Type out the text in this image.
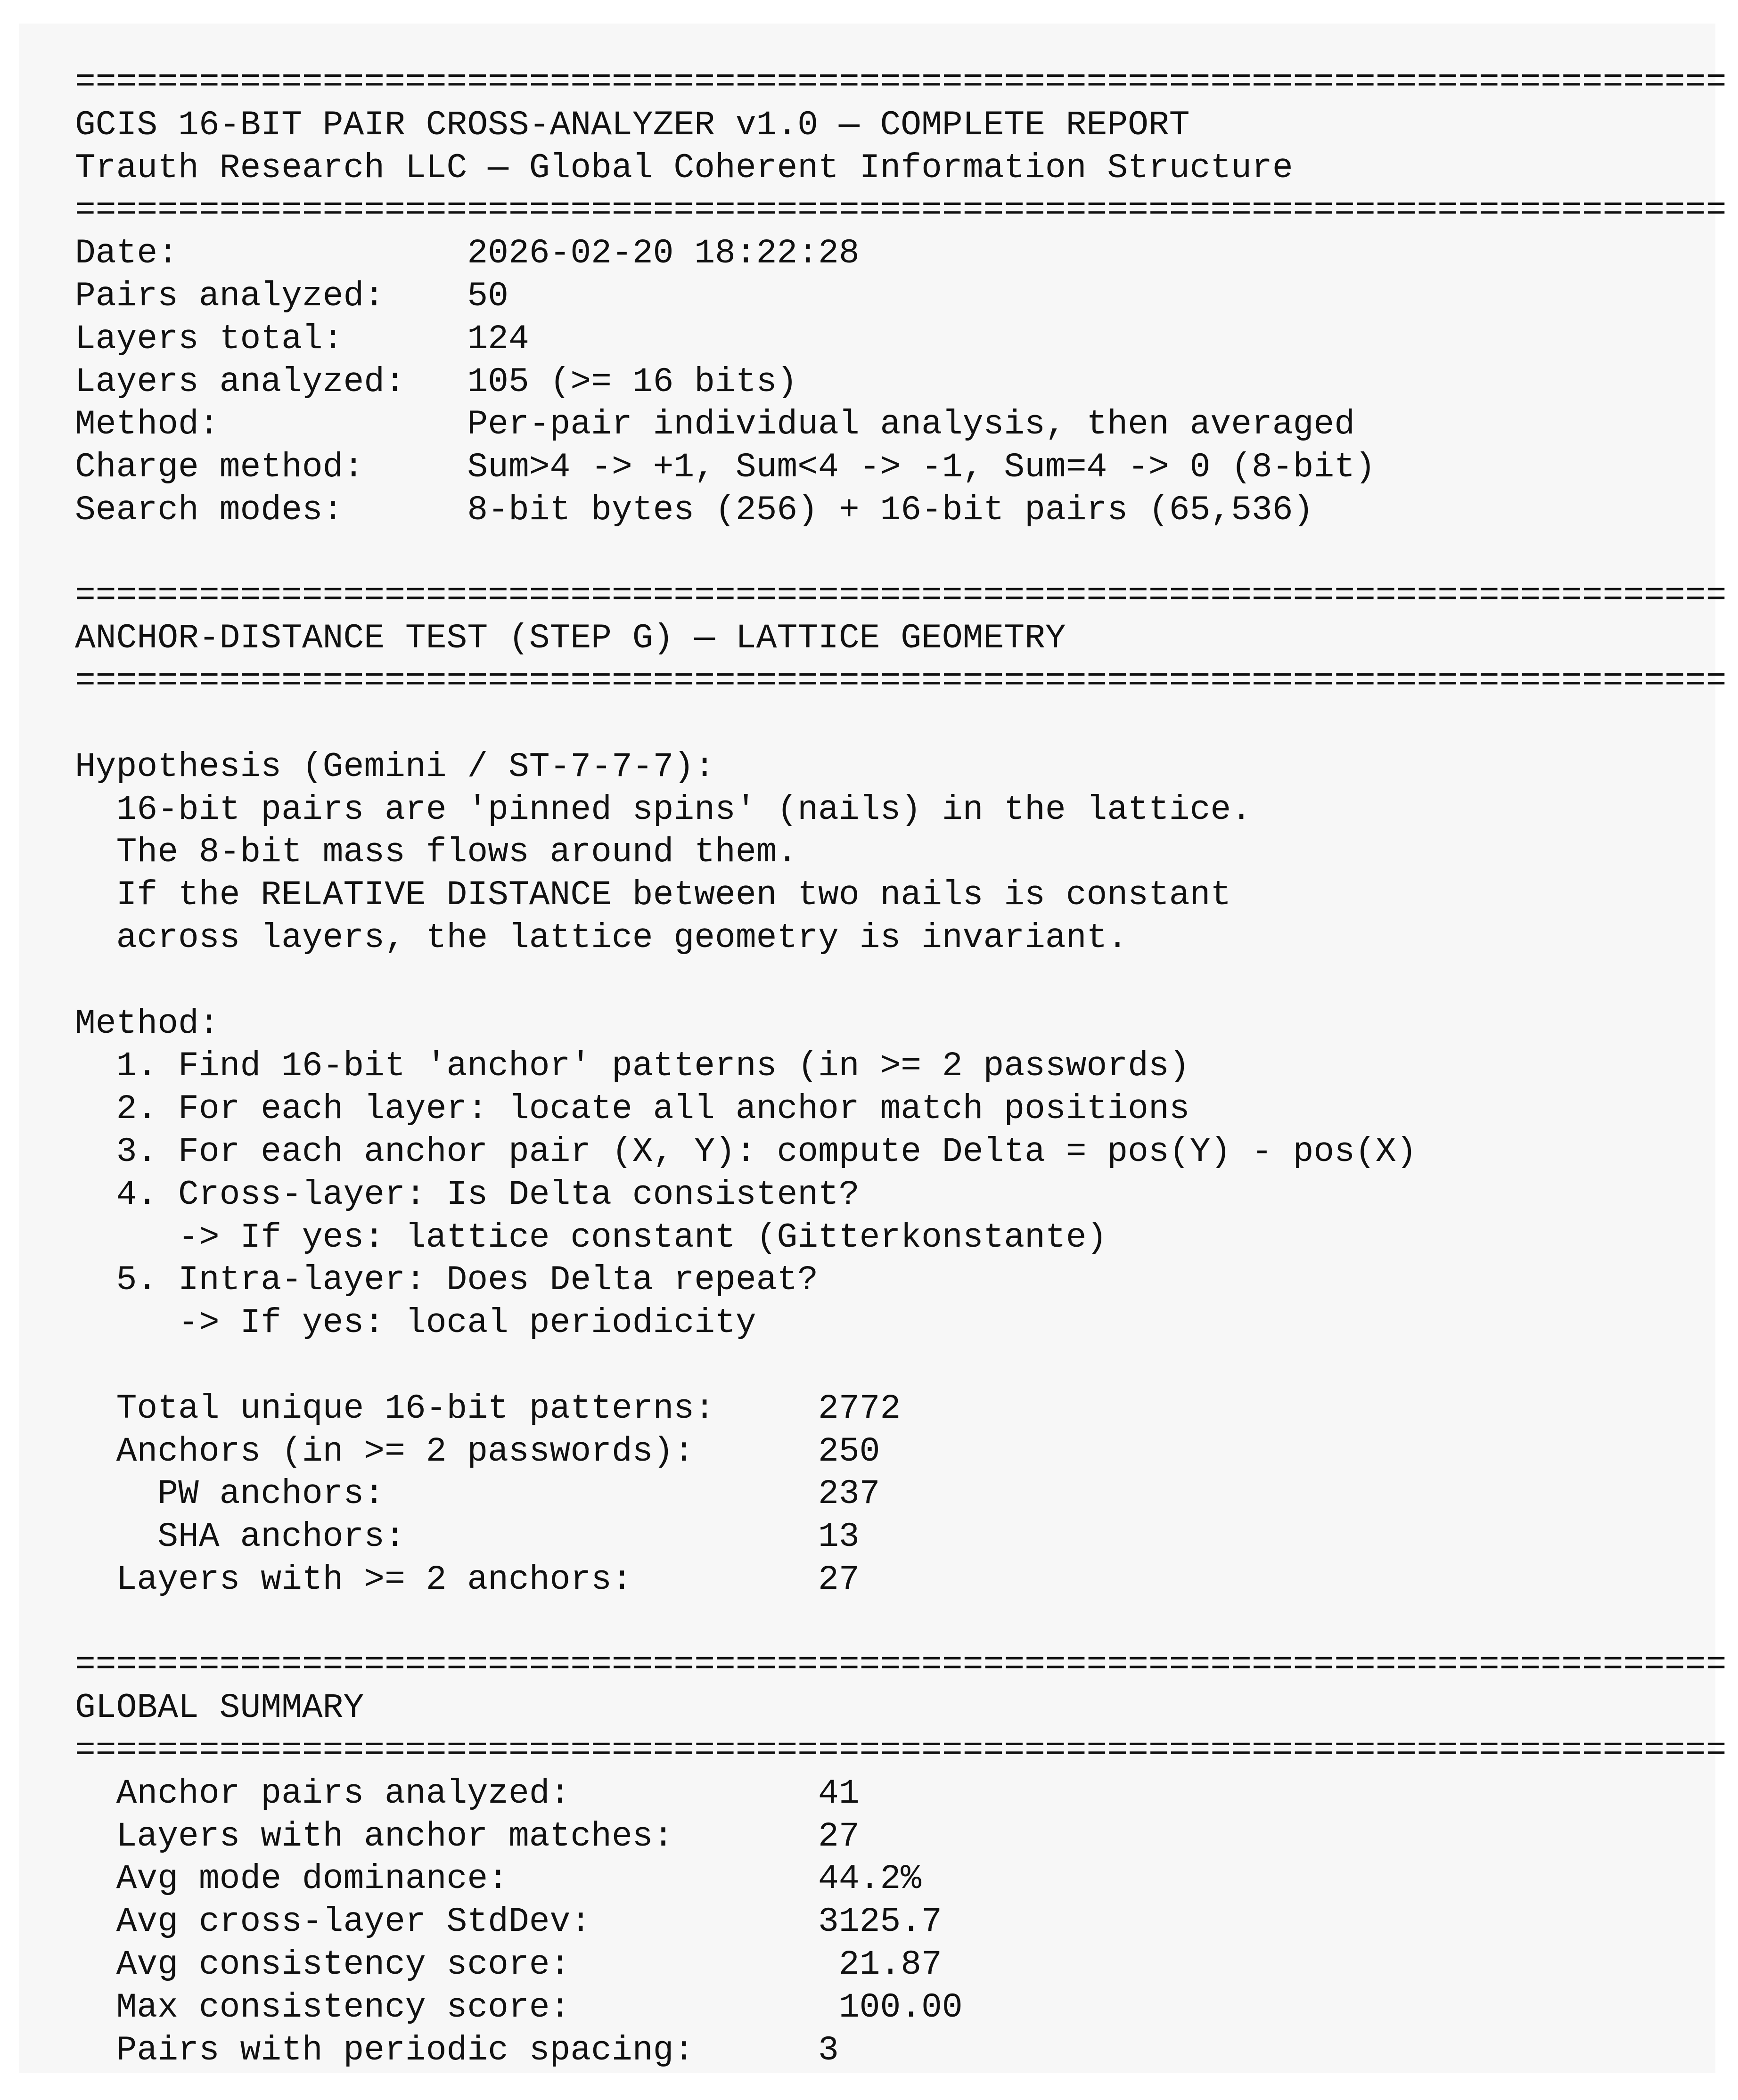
================================================================================
GCIS 16-BIT PAIR CROSS-ANALYZER v1.0 — COMPLETE REPORT
Trauth Research LLC — Global Coherent Information Structure
================================================================================
Date:	2026-02-20 18:22:28
Pairs analyzed: 50
Layers total:	124
Layers analyzed: 105 (>= 16 bits)
Method:	Per-pair individual analysis, then averaged
Charge method:	Sum>4 -> +1, Sum<4 -> -1, Sum=4 -> 0 (8-bit)
Search modes:	8-bit bytes (256) + 16-bit pairs (65,536)
================================================================================
ANCHOR-DISTANCE TEST (STEP G) — LATTICE GEOMETRY
================================================================================
Hypothesis (Gemini / ST-7-7-7):
16-bit pairs are 'pinned spins' (nails) in the lattice.
The 8-bit mass flows around them.
If the RELATIVE DISTANCE between two nails is constant
across layers, the lattice geometry is invariant.
Method:
1. Find 16-bit 'anchor' patterns (in >= 2 passwords)
2. For each layer: locate all anchor match positions
3. For each anchor pair (X, Y): compute Delta = pos(Y) - pos(X)
4. Cross-layer: Is Delta consistent?
-> If yes: lattice constant (Gitterkonstante)
5. Intra-layer: Does Delta repeat?
-> If yes: local periodicity
Total unique 16-bit patterns:	2772
Anchors (in >= 2 passwords):	250
PW anchors:	237
SHA anchors:	13
Layers with >= 2 anchors:	27
================================================================================
GLOBAL SUMMARY
================================================================================
Anchor pairs analyzed:	41
Layers with anchor matches:	27
Avg mode dominance:	44.2%
Avg cross-layer StdDev:	3125.7
Avg consistency score:	21.87
Max consistency score:	100.00
Pairs with periodic spacing:	3
